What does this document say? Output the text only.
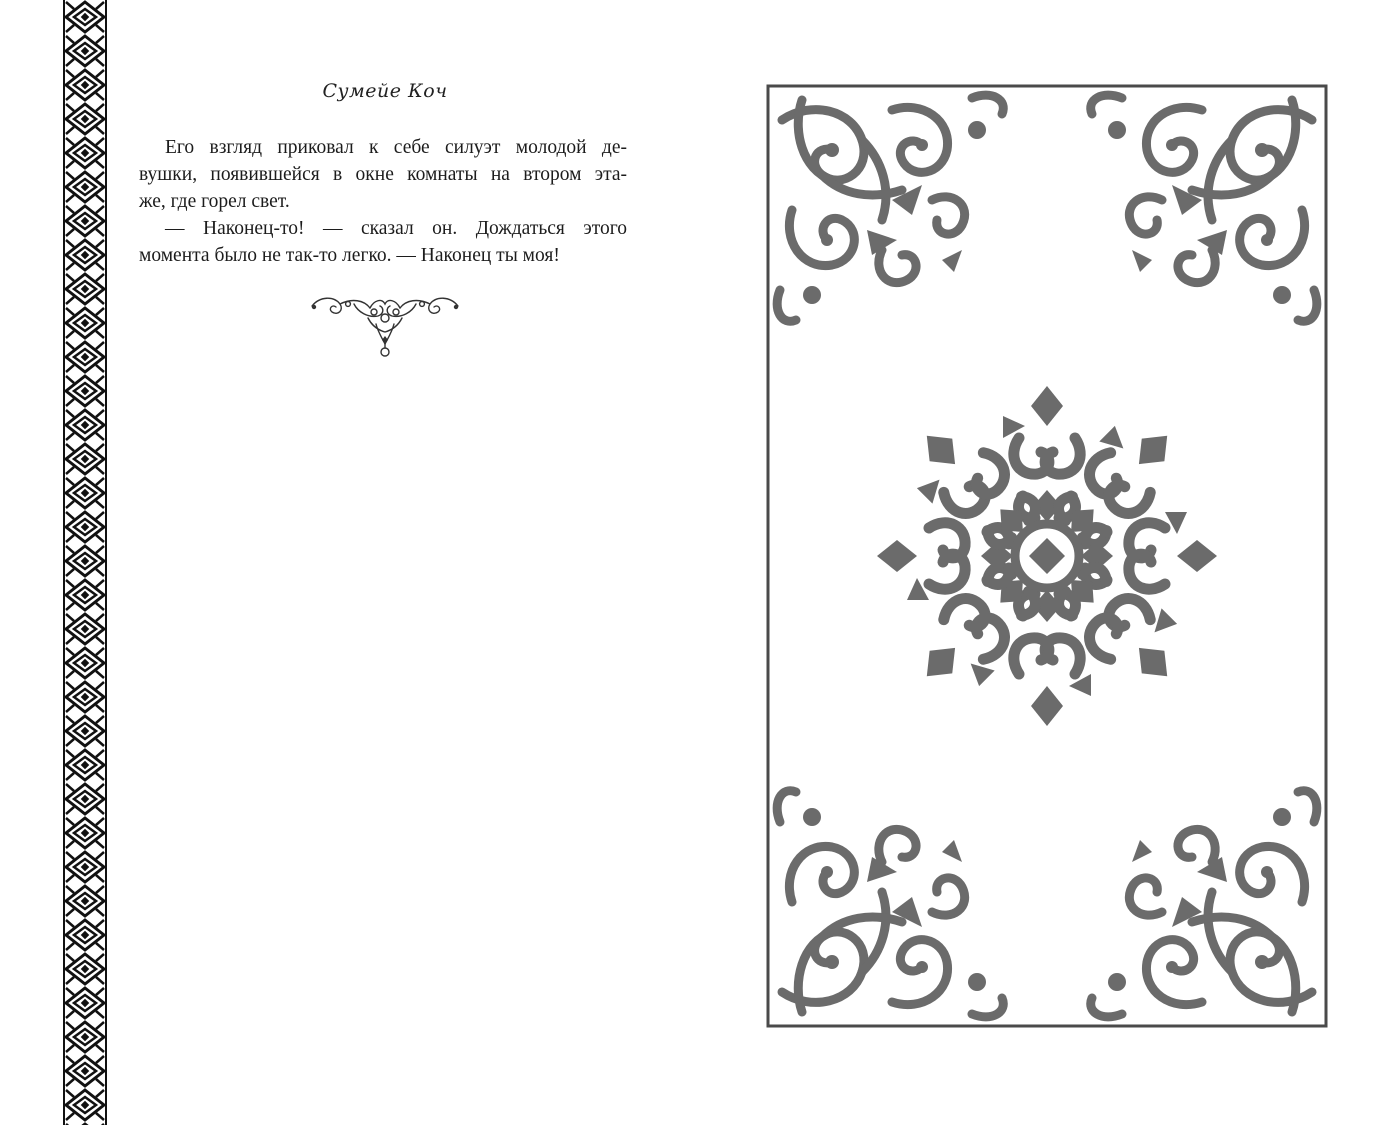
Сумейе Коч
Его взгляд приковал к себе силуэт молодой де-
вушки, появившейся в окне комнаты на втором эта-
же, где горел свет.
— Наконец-то! — сказал он. Дождаться этого
момента было не так-то легко. — Наконец ты моя!
